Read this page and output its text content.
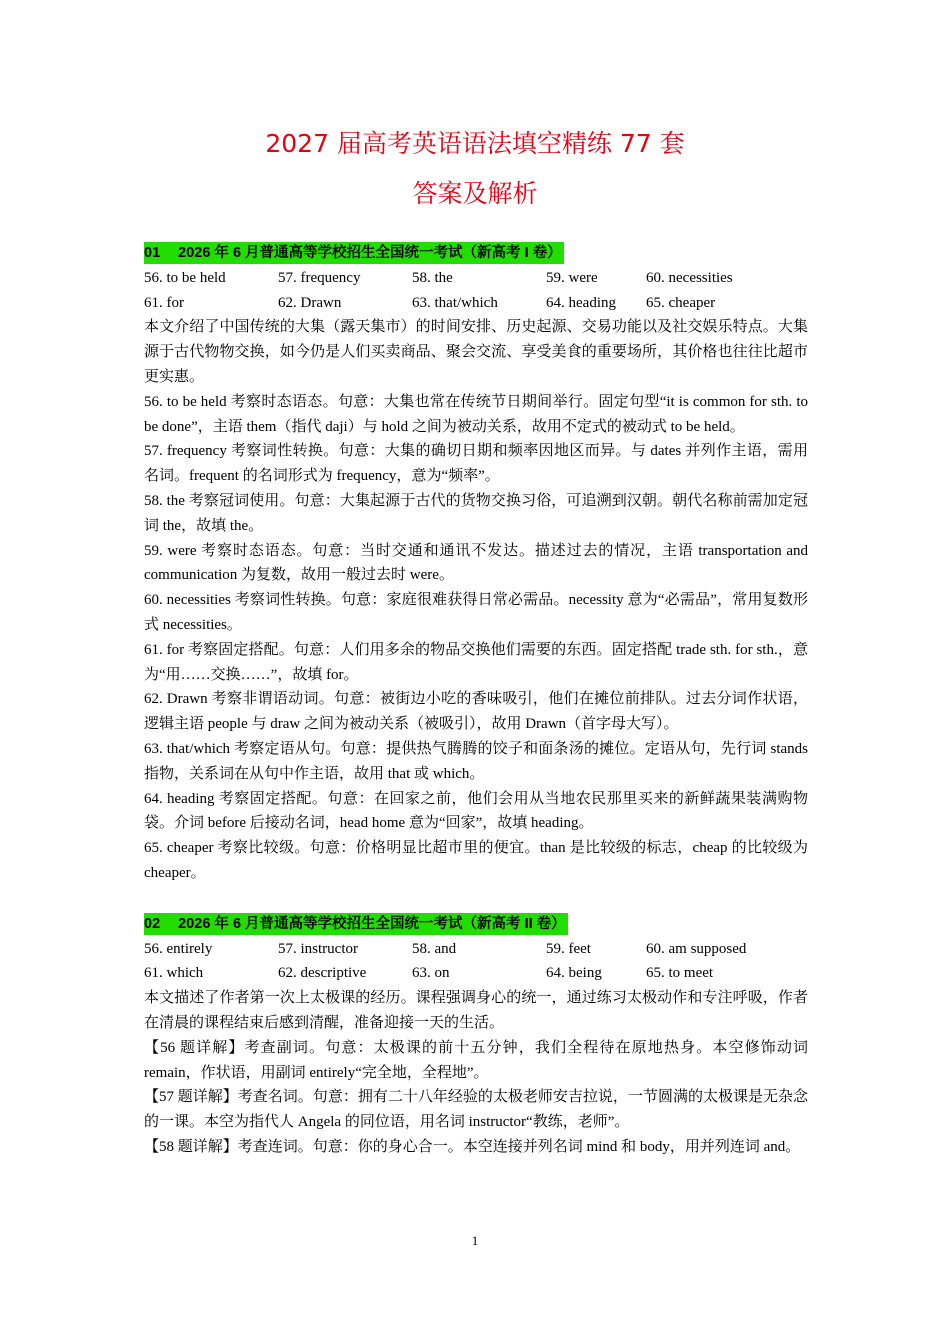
2027 届高考英语语法填空精练 77 套
答案及解析
01 2026 年 6 月普通高等学校招生全国统一考试（新高考 I 卷）
56. to be held	57. frequency	58. the	59. were	60. necessities
61. for	62. Drawn	63. that/which	64. heading	65. cheaper

本文介绍了中国传统的大集（露天集市）的时间安排、历史起源、交易功能以及社交娱乐特点。大集源于古代物物交换，如今仍是人们买卖商品、聚会交流、享受美食的重要场所，其价格也往往比超市更实惠。

56. to be held 考察时态语态。句意：大集也常在传统节日期间举行。固定句型“it is common for sth. to be done”，主语 them（指代 daji）与 hold 之间为被动关系，故用不定式的被动式 to be held。

57. frequency 考察词性转换。句意：大集的确切日期和频率因地区而异。与 dates 并列作主语，需用名词。frequent 的名词形式为 frequency，意为“频率”。

58. the 考察冠词使用。句意：大集起源于古代的货物交换习俗，可追溯到汉朝。朝代名称前需加定冠词 the，故填 the。

59. were 考察时态语态。句意：当时交通和通讯不发达。描述过去的情况，主语 transportation and communication 为复数，故用一般过去时 were。

60. necessities 考察词性转换。句意：家庭很难获得日常必需品。necessity 意为“必需品”，常用复数形式 necessities。

61. for 考察固定搭配。句意：人们用多余的物品交换他们需要的东西。固定搭配 trade sth. for sth.，意为“用……交换……”，故填 for。

62. Drawn 考察非谓语动词。句意：被街边小吃的香味吸引，他们在摊位前排队。过去分词作状语，逻辑主语 people 与 draw 之间为被动关系（被吸引），故用 Drawn（首字母大写）。

63. that/which 考察定语从句。句意：提供热气腾腾的饺子和面条汤的摊位。定语从句，先行词 stands 指物，关系词在从句中作主语，故用 that 或 which。

64. heading 考察固定搭配。句意：在回家之前，他们会用从当地农民那里买来的新鲜蔬果装满购物袋。介词 before 后接动名词，head home 意为“回家”，故填 heading。

65. cheaper 考察比较级。句意：价格明显比超市里的便宜。than 是比较级的标志，cheap 的比较级为 cheaper。

02 2026 年 6 月普通高等学校招生全国统一考试（新高考 II 卷）
56. entirely	57. instructor	58. and	59. feet	60. am supposed
61. which	62. descriptive	63. on	64. being	65. to meet

本文描述了作者第一次上太极课的经历。课程强调身心的统一，通过练习太极动作和专注呼吸，作者在清晨的课程结束后感到清醒，准备迎接一天的生活。

【56 题详解】考查副词。句意：太极课的前十五分钟，我们全程待在原地热身。本空修饰动词 remain，作状语，用副词 entirely“完全地，全程地”。

【57 题详解】考查名词。句意：拥有二十八年经验的太极老师安吉拉说，一节圆满的太极课是无杂念的一课。本空为指代人 Angela 的同位语，用名词 instructor“教练，老师”。

【58 题详解】考查连词。句意：你的身心合一。本空连接并列名词 mind 和 body，用并列连词 and。

1
